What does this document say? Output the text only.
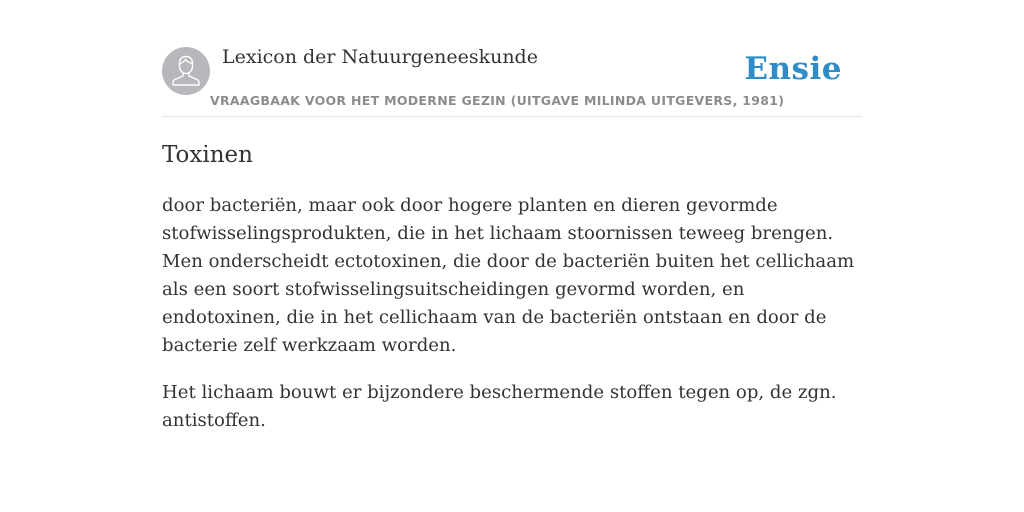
Lexicon der Natuurgeneeskunde
VRAAGBAAK VOOR HET MODERNE GEZIN (UITGAVE MILINDA UITGEVERS, 1981)
Ensie
Toxinen

door bacteriën, maar ook door hogere planten en dieren gevormde stofwisselingsprodukten, die in het lichaam stoornissen teweeg brengen. Men onderscheidt ectotoxinen, die door de bacteriën buiten het cellichaam als een soort stofwisselingsuitscheidingen gevormd worden, en endotoxinen, die in het cellichaam van de bacteriën ontstaan en door de bacterie zelf werkzaam worden.

Het lichaam bouwt er bijzondere beschermende stoffen tegen op, de zgn. antistoffen.
